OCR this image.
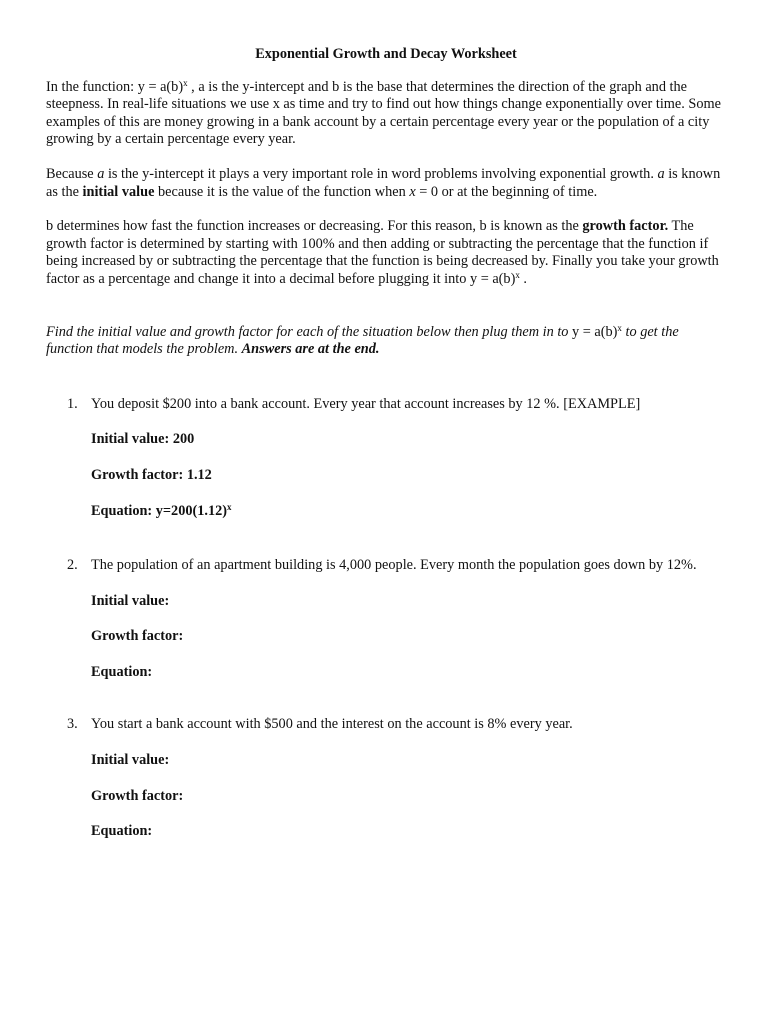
Exponential Growth and Decay Worksheet

In the function: $y = a(b)^x$ , a is the y-intercept and b is the base that determines the direction of the graph and the steepness. In real-life situations we use x as time and try to find out how things change exponentially over time. Some examples of this are money growing in a bank account by a certain percentage every year or the population of a city growing by a certain percentage every year.

Because a is the y-intercept it plays a very important role in word problems involving exponential growth. a is known as the initial value because it is the value of the function when x = 0 or at the beginning of time.

b determines how fast the function increases or decreasing. For this reason, b is known as the growth factor. The growth factor is determined by starting with 100% and then adding or subtracting the percentage that the function if being increased by or subtracting the percentage that the function is being decreased by. Finally you take your growth factor as a percentage and change it into a decimal before plugging it into $y = a(b)^x$ .

Find the initial value and growth factor for each of the situation below then plug them in to $y = a(b)^x$ to get the function that models the problem. Answers are at the end.

1. You deposit $200 into a bank account. Every year that account increases by 12 %. [EXAMPLE]
Initial value: 200
Growth factor: 1.12
Equation: $y=200(1.12)^x$
2. The population of an apartment building is 4,000 people. Every month the population goes down by 12%.
Initial value:
Growth factor:
Equation:
3. You start a bank account with $500 and the interest on the account is 8% every year.
Initial value:
Growth factor:
Equation:
